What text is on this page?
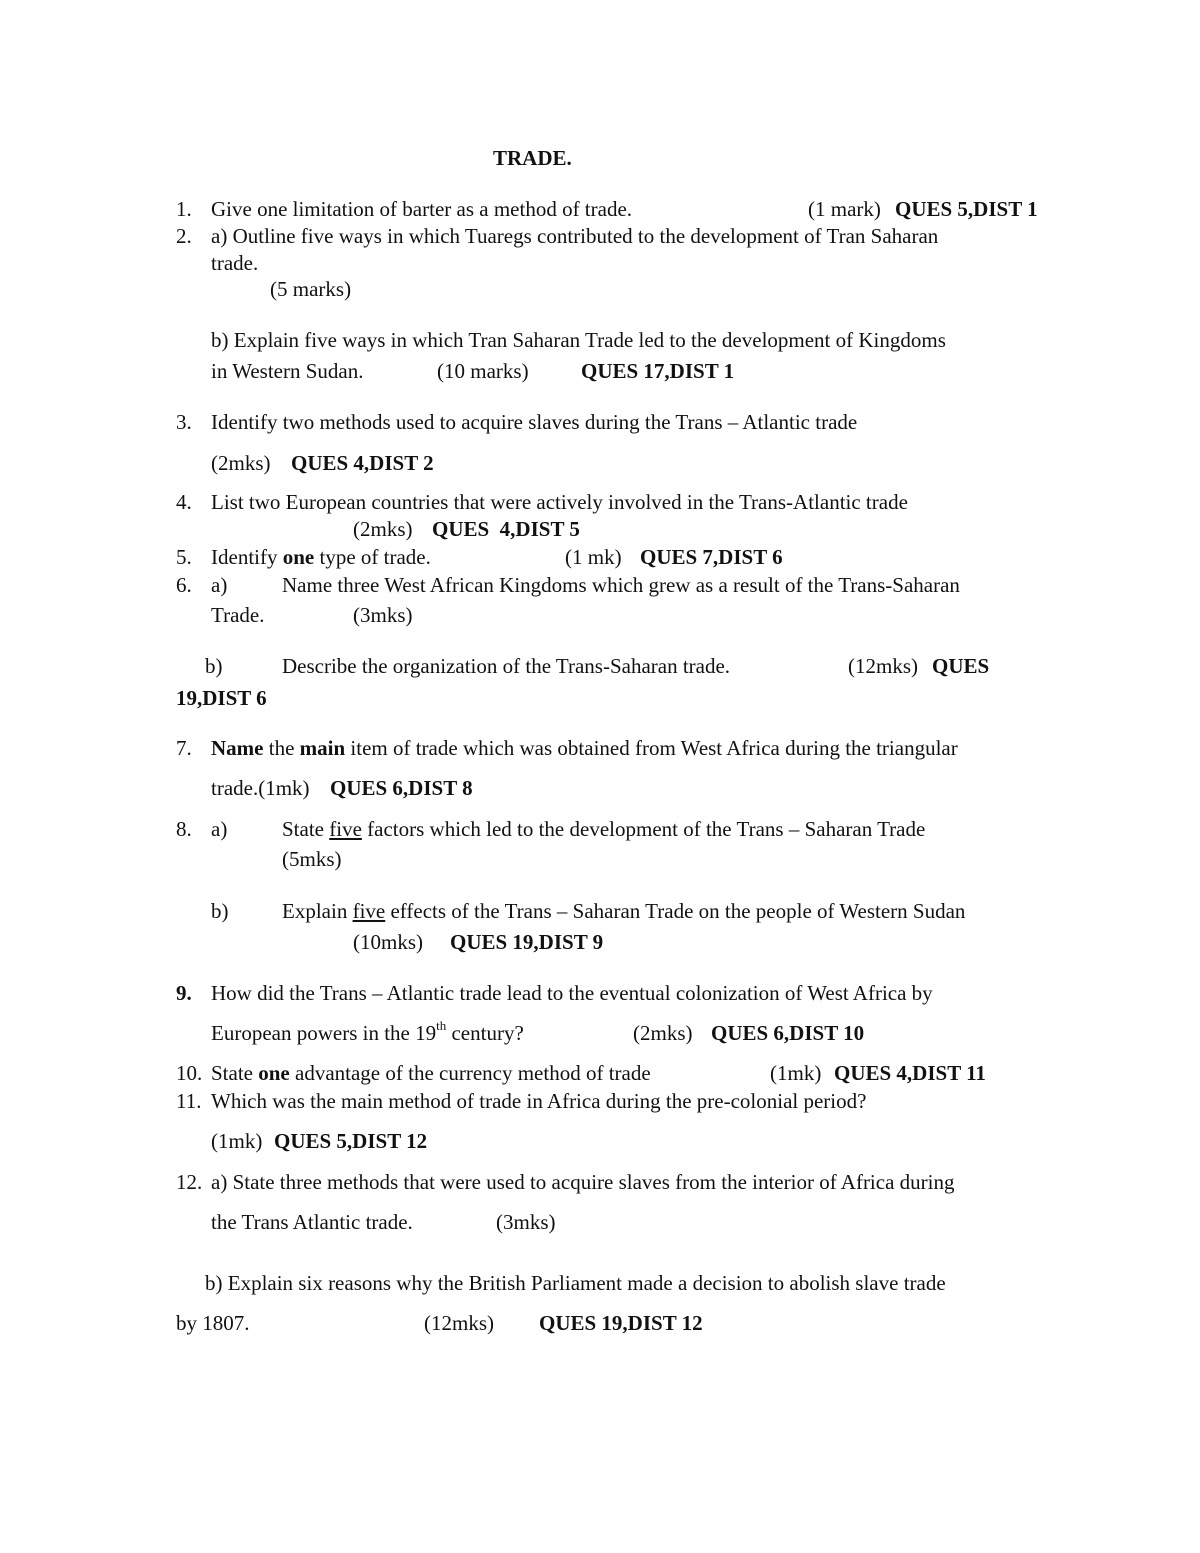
TRADE.
1. Give one limitation of barter as a method of trade.	(1 mark) QUES 5,DIST 1
2. a) Outline five ways in which Tuaregs contributed to the development of Tran Saharan
trade.
(5 marks)
b) Explain five ways in which Tran Saharan Trade led to the development of Kingdoms
in Western Sudan.	(10 marks) QUES 17,DIST 1
3. Identify two methods used to acquire slaves during the Trans – Atlantic trade
(2mks) QUES 4,DIST 2
4. List two European countries that were actively involved in the Trans-Atlantic trade
(2mks) QUES  4,DIST 5
5. Identify one type of trade.	(1 mk) QUES 7,DIST 6
6. a)	Name three West African Kingdoms which grew as a result of the Trans-Saharan
Trade.	(3mks)
b)	Describe the organization of the Trans-Saharan trade.	(12mks) QUES
19,DIST 6
7. Name the main item of trade which was obtained from West Africa during the triangular
trade.(1mk) QUES 6,DIST 8
8. a)	State five factors which led to the development of the Trans – Saharan Trade
(5mks)
b)	Explain five effects of the Trans – Saharan Trade on the people of Western Sudan
(10mks) QUES 19,DIST 9
9. How did the Trans – Atlantic trade lead to the eventual colonization of West Africa by
European powers in the 19th century?	(2mks) QUES 6,DIST 10
10. State one advantage of the currency method of trade	(1mk) QUES 4,DIST 11
11. Which was the main method of trade in Africa during the pre-colonial period?
(1mk) QUES 5,DIST 12
12. a) State three methods that were used to acquire slaves from the interior of Africa during
the Trans Atlantic trade.	(3mks)
b) Explain six reasons why the British Parliament made a decision to abolish slave trade
by 1807.	(12mks) QUES 19,DIST 12
